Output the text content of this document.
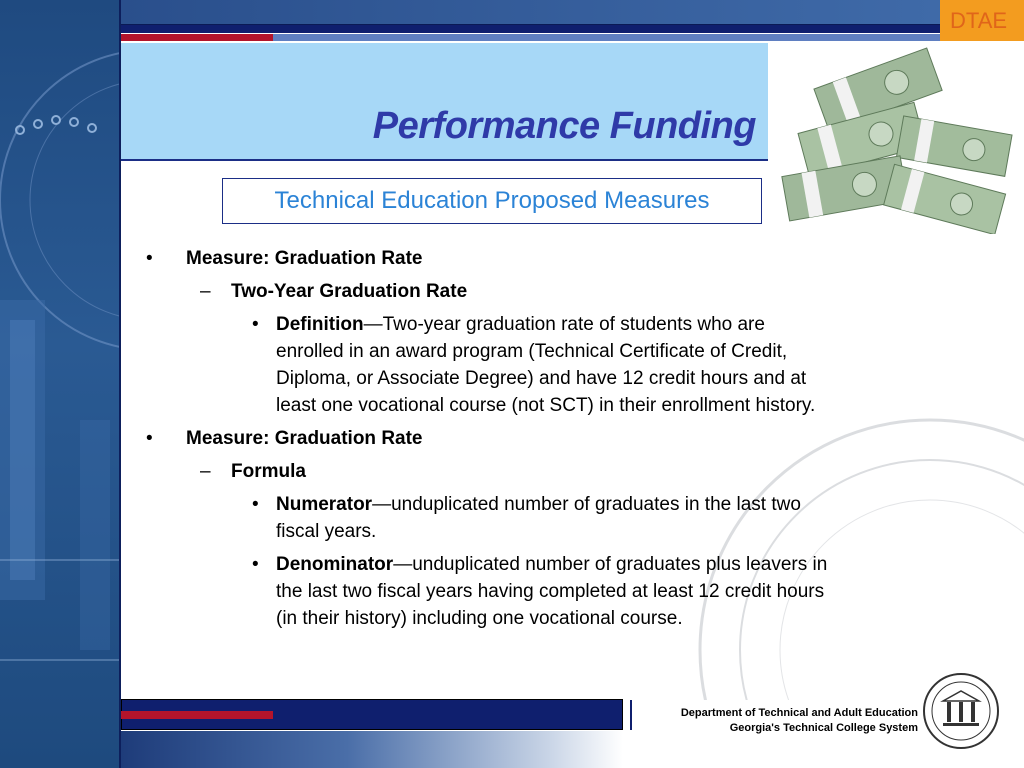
DTAE
Performance Funding
Technical Education Proposed Measures
• Measure: Graduation Rate
– Two-Year Graduation Rate
• Definition—Two-year graduation rate of students who are
enrolled in an award program (Technical Certificate of Credit,
Diploma, or Associate Degree) and have 12 credit hours and at
least one vocational course (not SCT) in their enrollment history.
• Measure: Graduation Rate
– Formula
• Numerator—unduplicated number of graduates in the last two
fiscal years.
• Denominator—unduplicated number of graduates plus leavers in
the last two fiscal years having completed at least 12 credit hours
(in their history) including one vocational course.
Department of Technical and Adult Education
Georgia's Technical College System
